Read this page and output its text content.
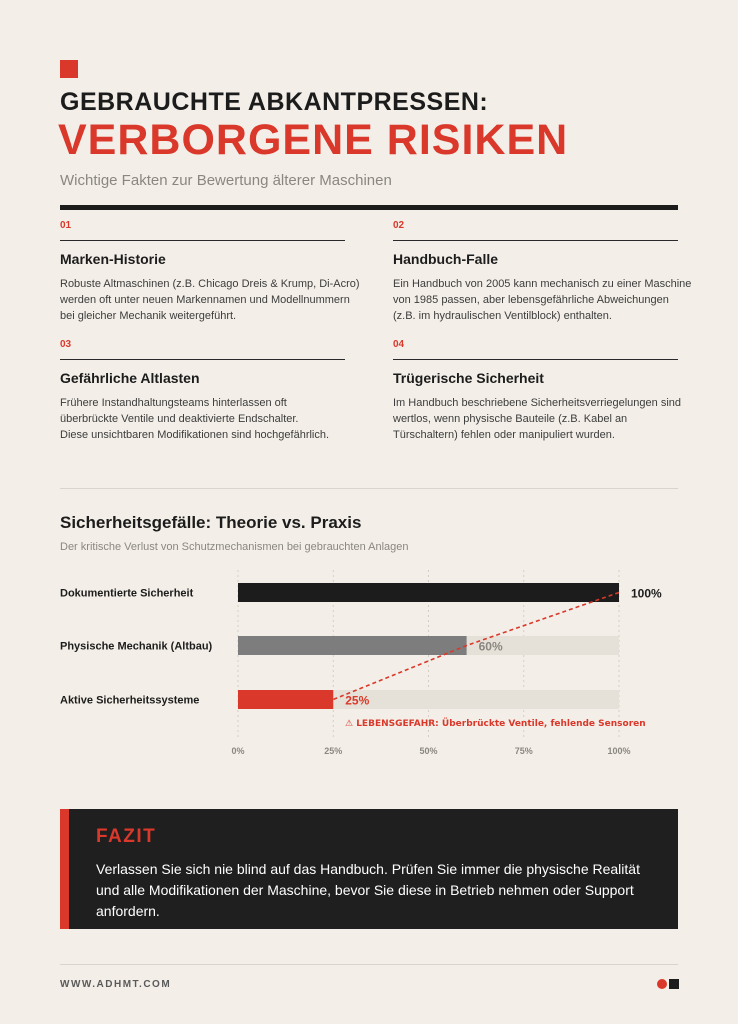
GEBRAUCHTE ABKANTPRESSEN:
VERBORGENE RISIKEN
Wichtige Fakten zur Bewertung älterer Maschinen
01
Marken-Historie
Robuste Altmaschinen (z.B. Chicago Dreis & Krump, Di-Acro)
werden oft unter neuen Markennamen und Modellnummern
bei gleicher Mechanik weitergeführt.
02
Handbuch-Falle
Ein Handbuch von 2005 kann mechanisch zu einer Maschine
von 1985 passen, aber lebensgefährliche Abweichungen
(z.B. im hydraulischen Ventilblock) enthalten.
03
Gefährliche Altlasten
Frühere Instandhaltungsteams hinterlassen oft
überbrückte Ventile und deaktivierte Endschalter.
Diese unsichtbaren Modifikationen sind hochgefährlich.
04
Trügerische Sicherheit
Im Handbuch beschriebene Sicherheitsverriegelungen sind
wertlos, wenn physische Bauteile (z.B. Kabel an
Türschaltern) fehlen oder manipuliert wurden.
Sicherheitsgefälle: Theorie vs. Praxis
Der kritische Verlust von Schutzmechanismen bei gebrauchten Anlagen
0%	25%	50%	75%	100%
Dokumentierte Sicherheit
Physische Mechanik (Altbau)
Aktive Sicherheitssysteme
100%
60%
25%
⚠ LEBENSGEFAHR: Überbrückte Ventile, fehlende Sensoren
FAZIT
Verlassen Sie sich nie blind auf das Handbuch. Prüfen Sie immer die physische Realität und alle Modifikationen der Maschine, bevor Sie diese in Betrieb nehmen oder Support anfordern.
WWW.ADHMT.COM
